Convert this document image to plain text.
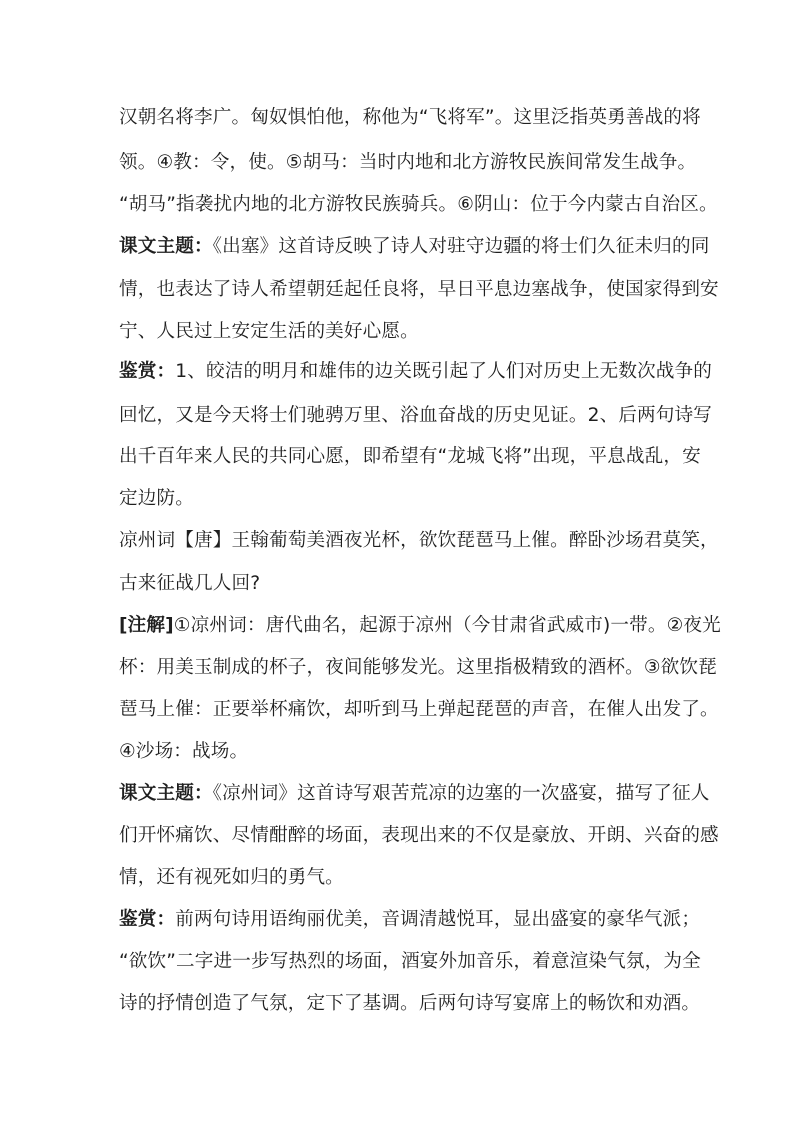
汉朝名将李广。匈奴惧怕他，称他为“飞将军”。这里泛指英勇善战的将
领。④教：令，使。⑤胡马：当时内地和北方游牧民族间常发生战争。
“胡马”指袭扰内地的北方游牧民族骑兵。⑥阴山：位于今内蒙古自治区。
课文主题：《出塞》这首诗反映了诗人对驻守边疆的将士们久征未归的同
情，也表达了诗人希望朝廷起任良将，早日平息边塞战争，使国家得到安
宁、人民过上安定生活的美好心愿。
鉴赏：1、皎洁的明月和雄伟的边关既引起了人们对历史上无数次战争的
回忆，又是今天将士们驰骋万里、浴血奋战的历史见证。2、后两句诗写
出千百年来人民的共同心愿，即希望有“龙城飞将”出现，平息战乱，安
定边防。
凉州词【唐】王翰葡萄美酒夜光杯，欲饮琵琶马上催。醉卧沙场君莫笑，
古来征战几人回?
[注解]①凉州词：唐代曲名，起源于凉州（今甘肃省武威市)一带。②夜光
杯：用美玉制成的杯子，夜间能够发光。这里指极精致的酒杯。③欲饮琵
琶马上催：正要举杯痛饮，却听到马上弹起琵琶的声音，在催人出发了。
④沙场：战场。
课文主题：《凉州词》这首诗写艰苦荒凉的边塞的一次盛宴，描写了征人
们开怀痛饮、尽情酣醉的场面，表现出来的不仅是豪放、开朗、兴奋的感
情，还有视死如归的勇气。
鉴赏：前两句诗用语绚丽优美，音调清越悦耳，显出盛宴的豪华气派；
“欲饮”二字进一步写热烈的场面，酒宴外加音乐，着意渲染气氛，为全
诗的抒情创造了气氛，定下了基调。后两句诗写宴席上的畅饮和劝酒。
